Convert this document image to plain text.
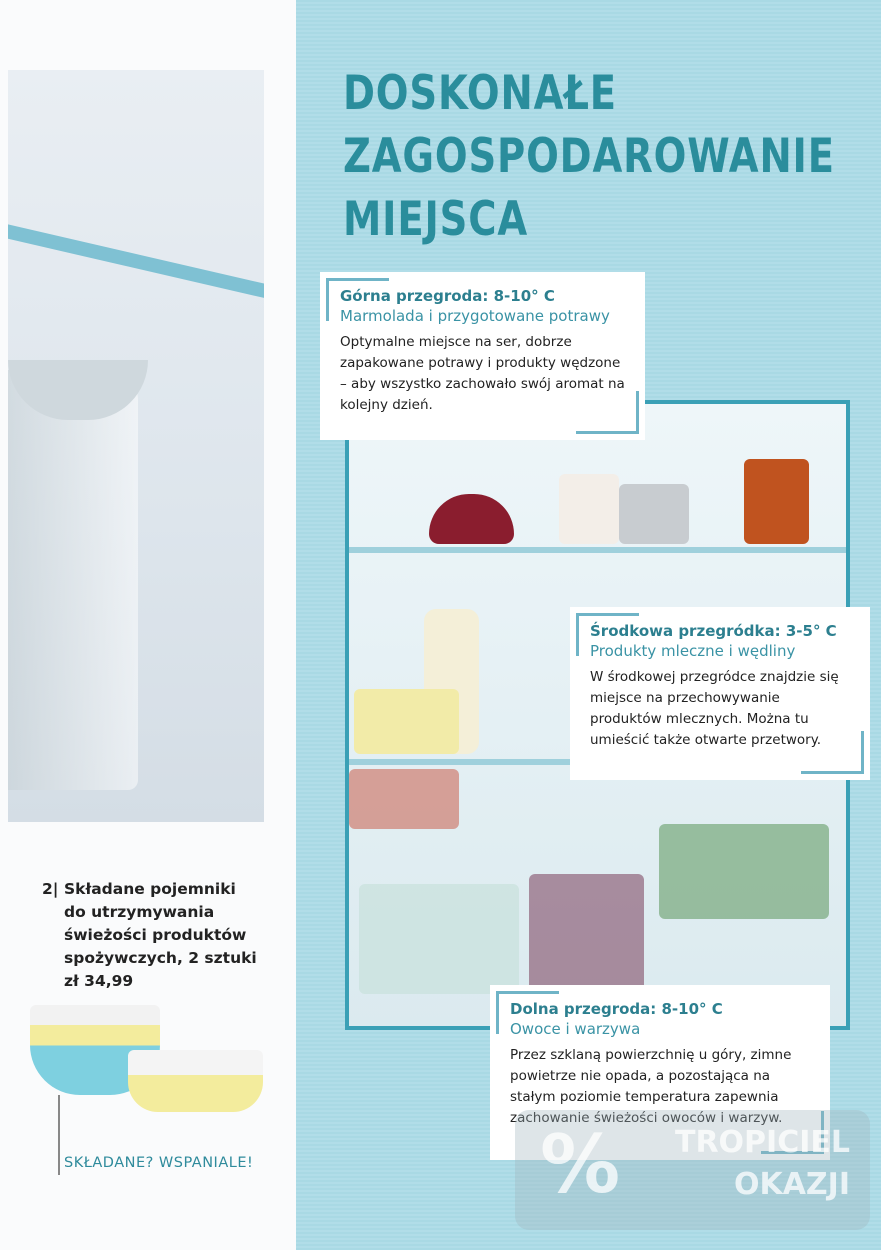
2| Składane pojemniki
do utrzymywania
świeżości produktów
spożywczych, 2 sztuki
zł 34,99
SKŁADANE? WSPANIALE!
DOSKONAŁE
ZAGOSPODAROWANIE
MIEJSCA
Górna przegroda: 8-10° C
Marmolada i przygotowane potrawy
Optymalne miejsce na ser, dobrze zapakowane potrawy i produkty wędzone – aby wszystko zachowało swój aromat na kolejny dzień.
Środkowa przegródka: 3-5° C
Produkty mleczne i wędliny
W środkowej przegródce znajdzie się miejsce na przechowywanie produktów mlecznych. Można tu umieścić także otwarte przetwory.
Dolna przegroda: 8-10° C
Owoce i warzywa
Przez szklaną powierzchnię u góry, zimne powietrze nie opada, a pozostająca na stałym poziomie temperatura zapewnia zachowanie świeżości owoców i warzyw.
%	TROPICIEL
OKAZJI
